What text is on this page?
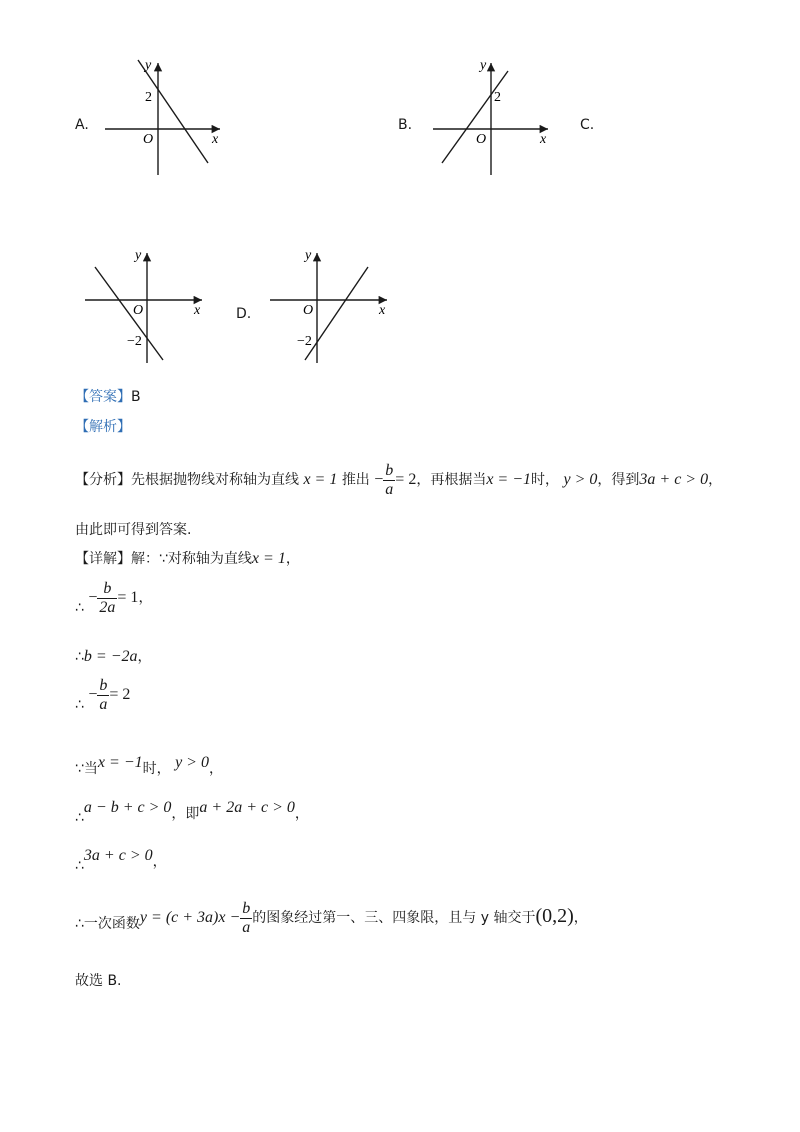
A.
y
x
O
2
B.
y
x
O
2
C.
y
x
O
−2
D.
y
x
O
−2
【答案】B
【解析】
【分析】先根据抛物线对称轴为直线 x = 1 推出 − $\frac{b}{a} = 2$，再根据当x = −1时， y > 0，得到3a + c > 0，
由此即可得到答案.
【详解】解：∵对称轴为直线x = 1，
∴ − $\frac{b}{2a} = 1$，
∴b = −2a，
∴ − $\frac{b}{a} = 2$
∵当x = −1时， y > 0，
∴a − b + c > 0，即a + 2a + c > 0，
∴3a + c > 0，
∴一次函数$y = (c + 3a)x - \frac{b}{a}$ 的图象经过第一、三、四象限，且与 y 轴交于(0,2)，
故选 B.
